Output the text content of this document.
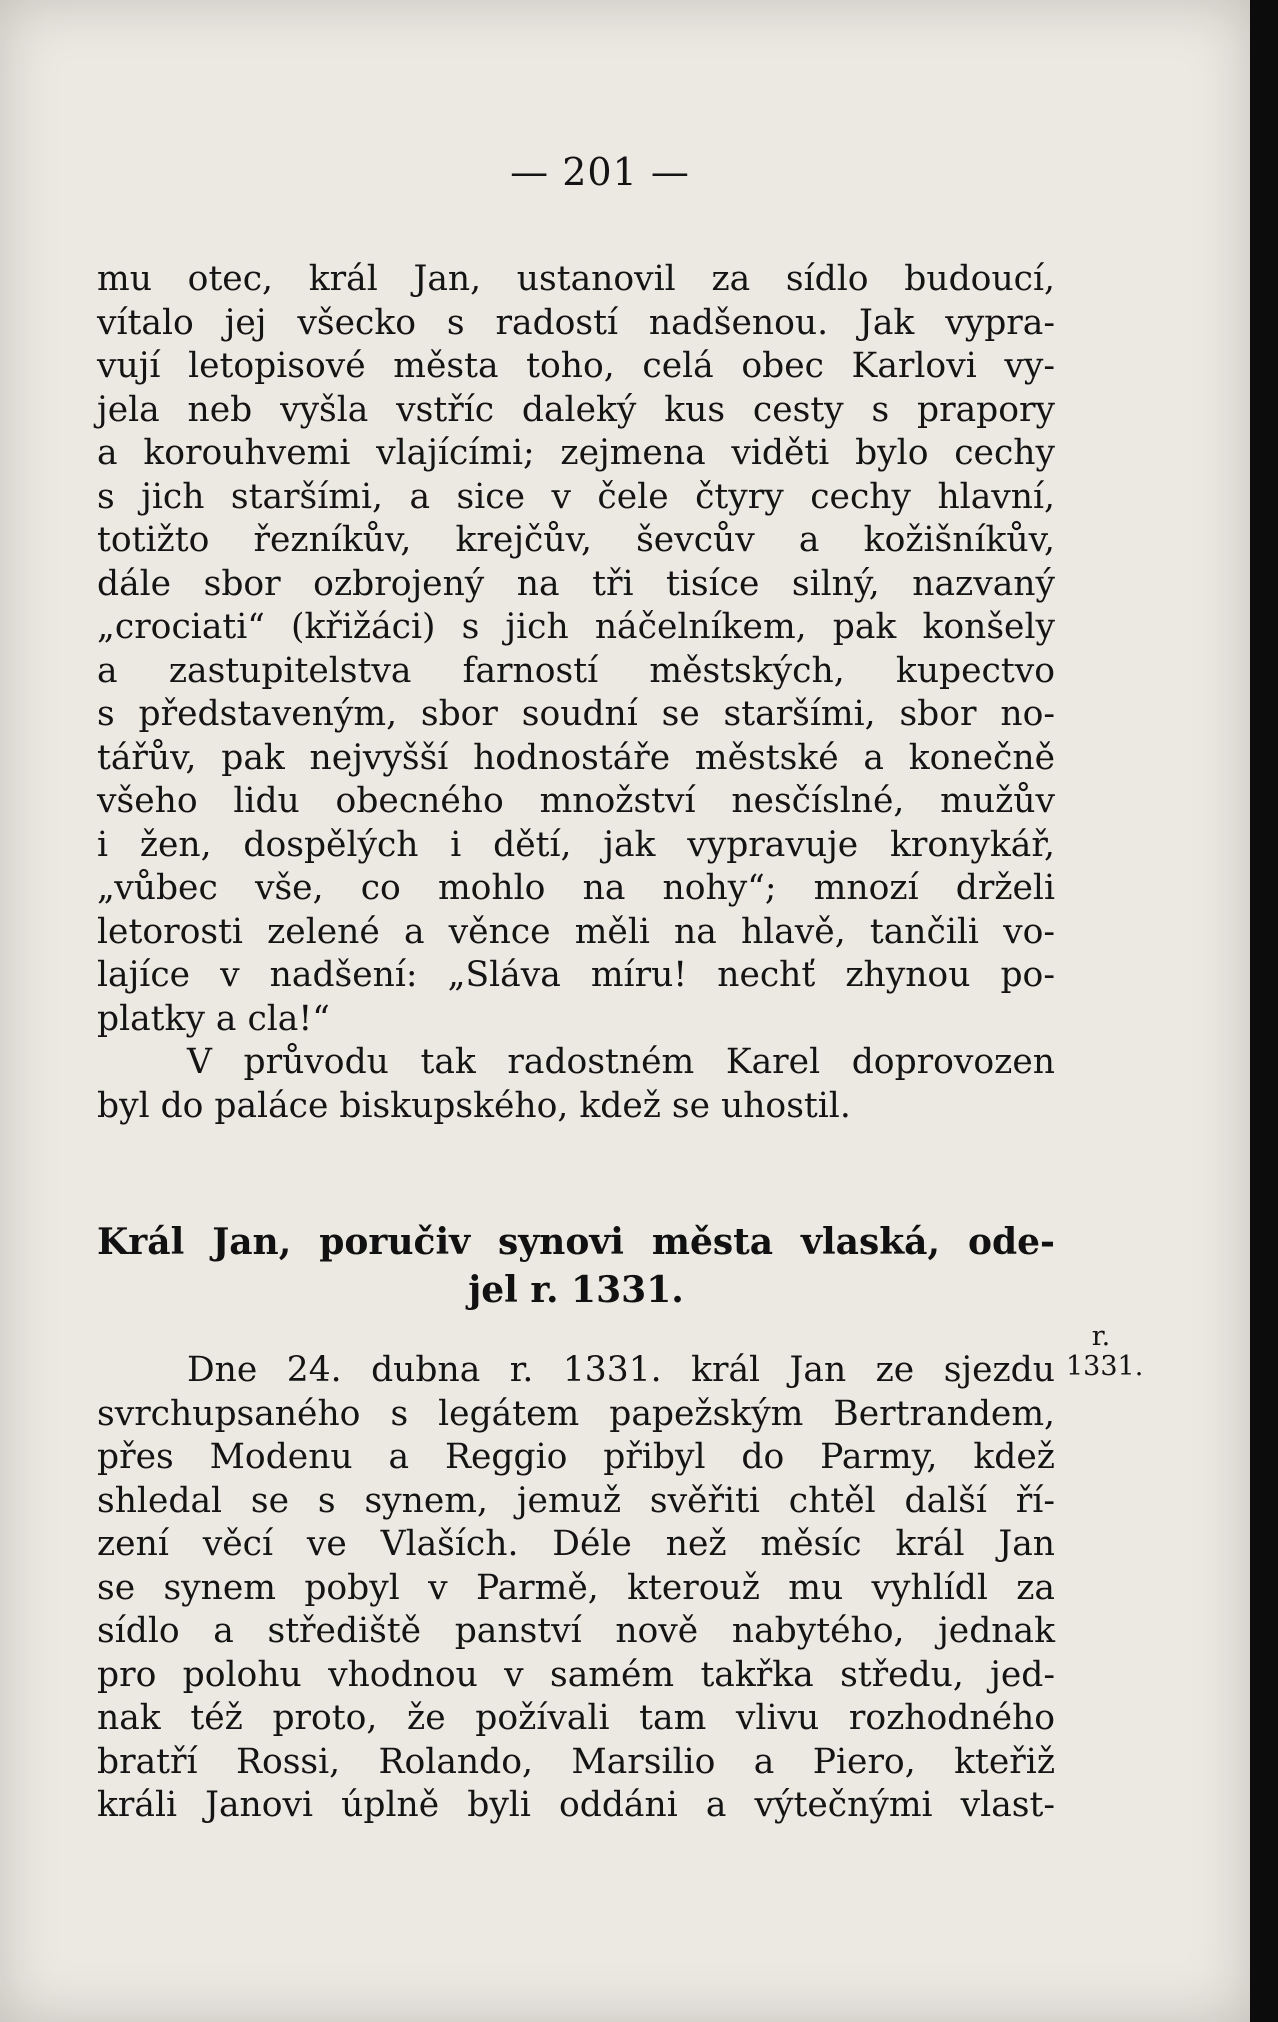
— 201 —
mu otec, král Jan, ustanovil za sídlo budoucí,
vítalo jej všecko s radostí nadšenou. Jak vypra-
vují letopisové města toho, celá obec Karlovi vy-
jela neb vyšla vstříc daleký kus cesty s prapory
a korouhvemi vlajícími; zejmena viděti bylo cechy
s jich staršími, a sice v čele čtyry cechy hlavní,
totižto řezníkův, krejčův, ševcův a kožišníkův,
dále sbor ozbrojený na tři tisíce silný, nazvaný
„crociati“ (křižáci) s jich náčelníkem, pak konšely
a zastupitelstva farností městských, kupectvo
s představeným, sbor soudní se staršími, sbor no-
tářův, pak nejvyšší hodnostáře městské a konečně
všeho lidu obecného množství nesčíslné, mužův
i žen, dospělých i dětí, jak vypravuje kronykář,
„vůbec vše, co mohlo na nohy“; mnozí drželi
letorosti zelené a věnce měli na hlavě, tančili vo-
lajíce v nadšení: „Sláva míru! nechť zhynou po-
platky a cla!“
V průvodu tak radostném Karel doprovozen
byl do paláce biskupského, kdež se uhostil.
Král Jan, poručiv synovi města vlaská, ode-
jel r. 1331.
r.
1331.
Dne 24. dubna r. 1331. král Jan ze sjezdu
svrchupsaného s legátem papežským Bertrandem,
přes Modenu a Reggio přibyl do Parmy, kdež
shledal se s synem, jemuž svěřiti chtěl další ří-
zení věcí ve Vlaších. Déle než měsíc král Jan
se synem pobyl v Parmě, kterouž mu vyhlídl za
sídlo a střediště panství nově nabytého, jednak
pro polohu vhodnou v samém takřka středu, jed-
nak též proto, že požívali tam vlivu rozhodného
bratří Rossi, Rolando, Marsilio a Piero, kteřiž
králi Janovi úplně byli oddáni a výtečnými vlast-
